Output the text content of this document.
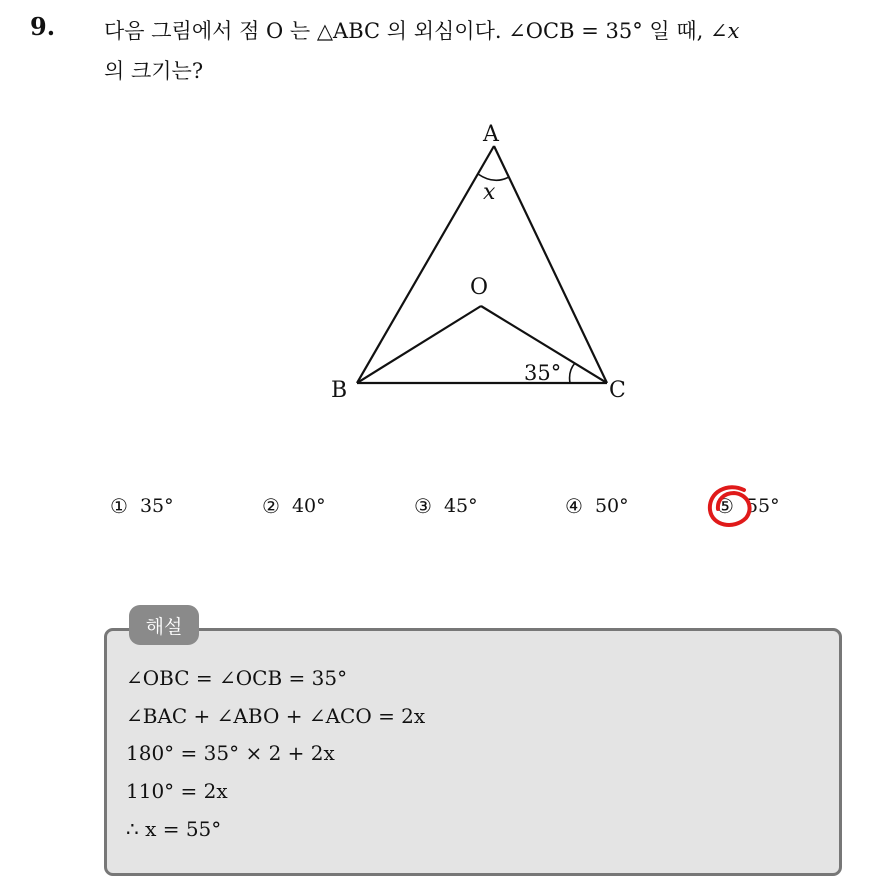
9. 다음 그림에서 점 O 는 △ABC 의 외심이다. ∠OCB = 35° 일 때, ∠x
의 크기는?
A
B	C
O
x
35°
① 35°	② 40°	③ 45°	④ 50°	⑤ 55°
해설
∠OBC = ∠OCB = 35°
∠BAC + ∠ABO + ∠ACO = 2x
180° = 35° × 2 + 2x
110° = 2x
∴ x = 55°
